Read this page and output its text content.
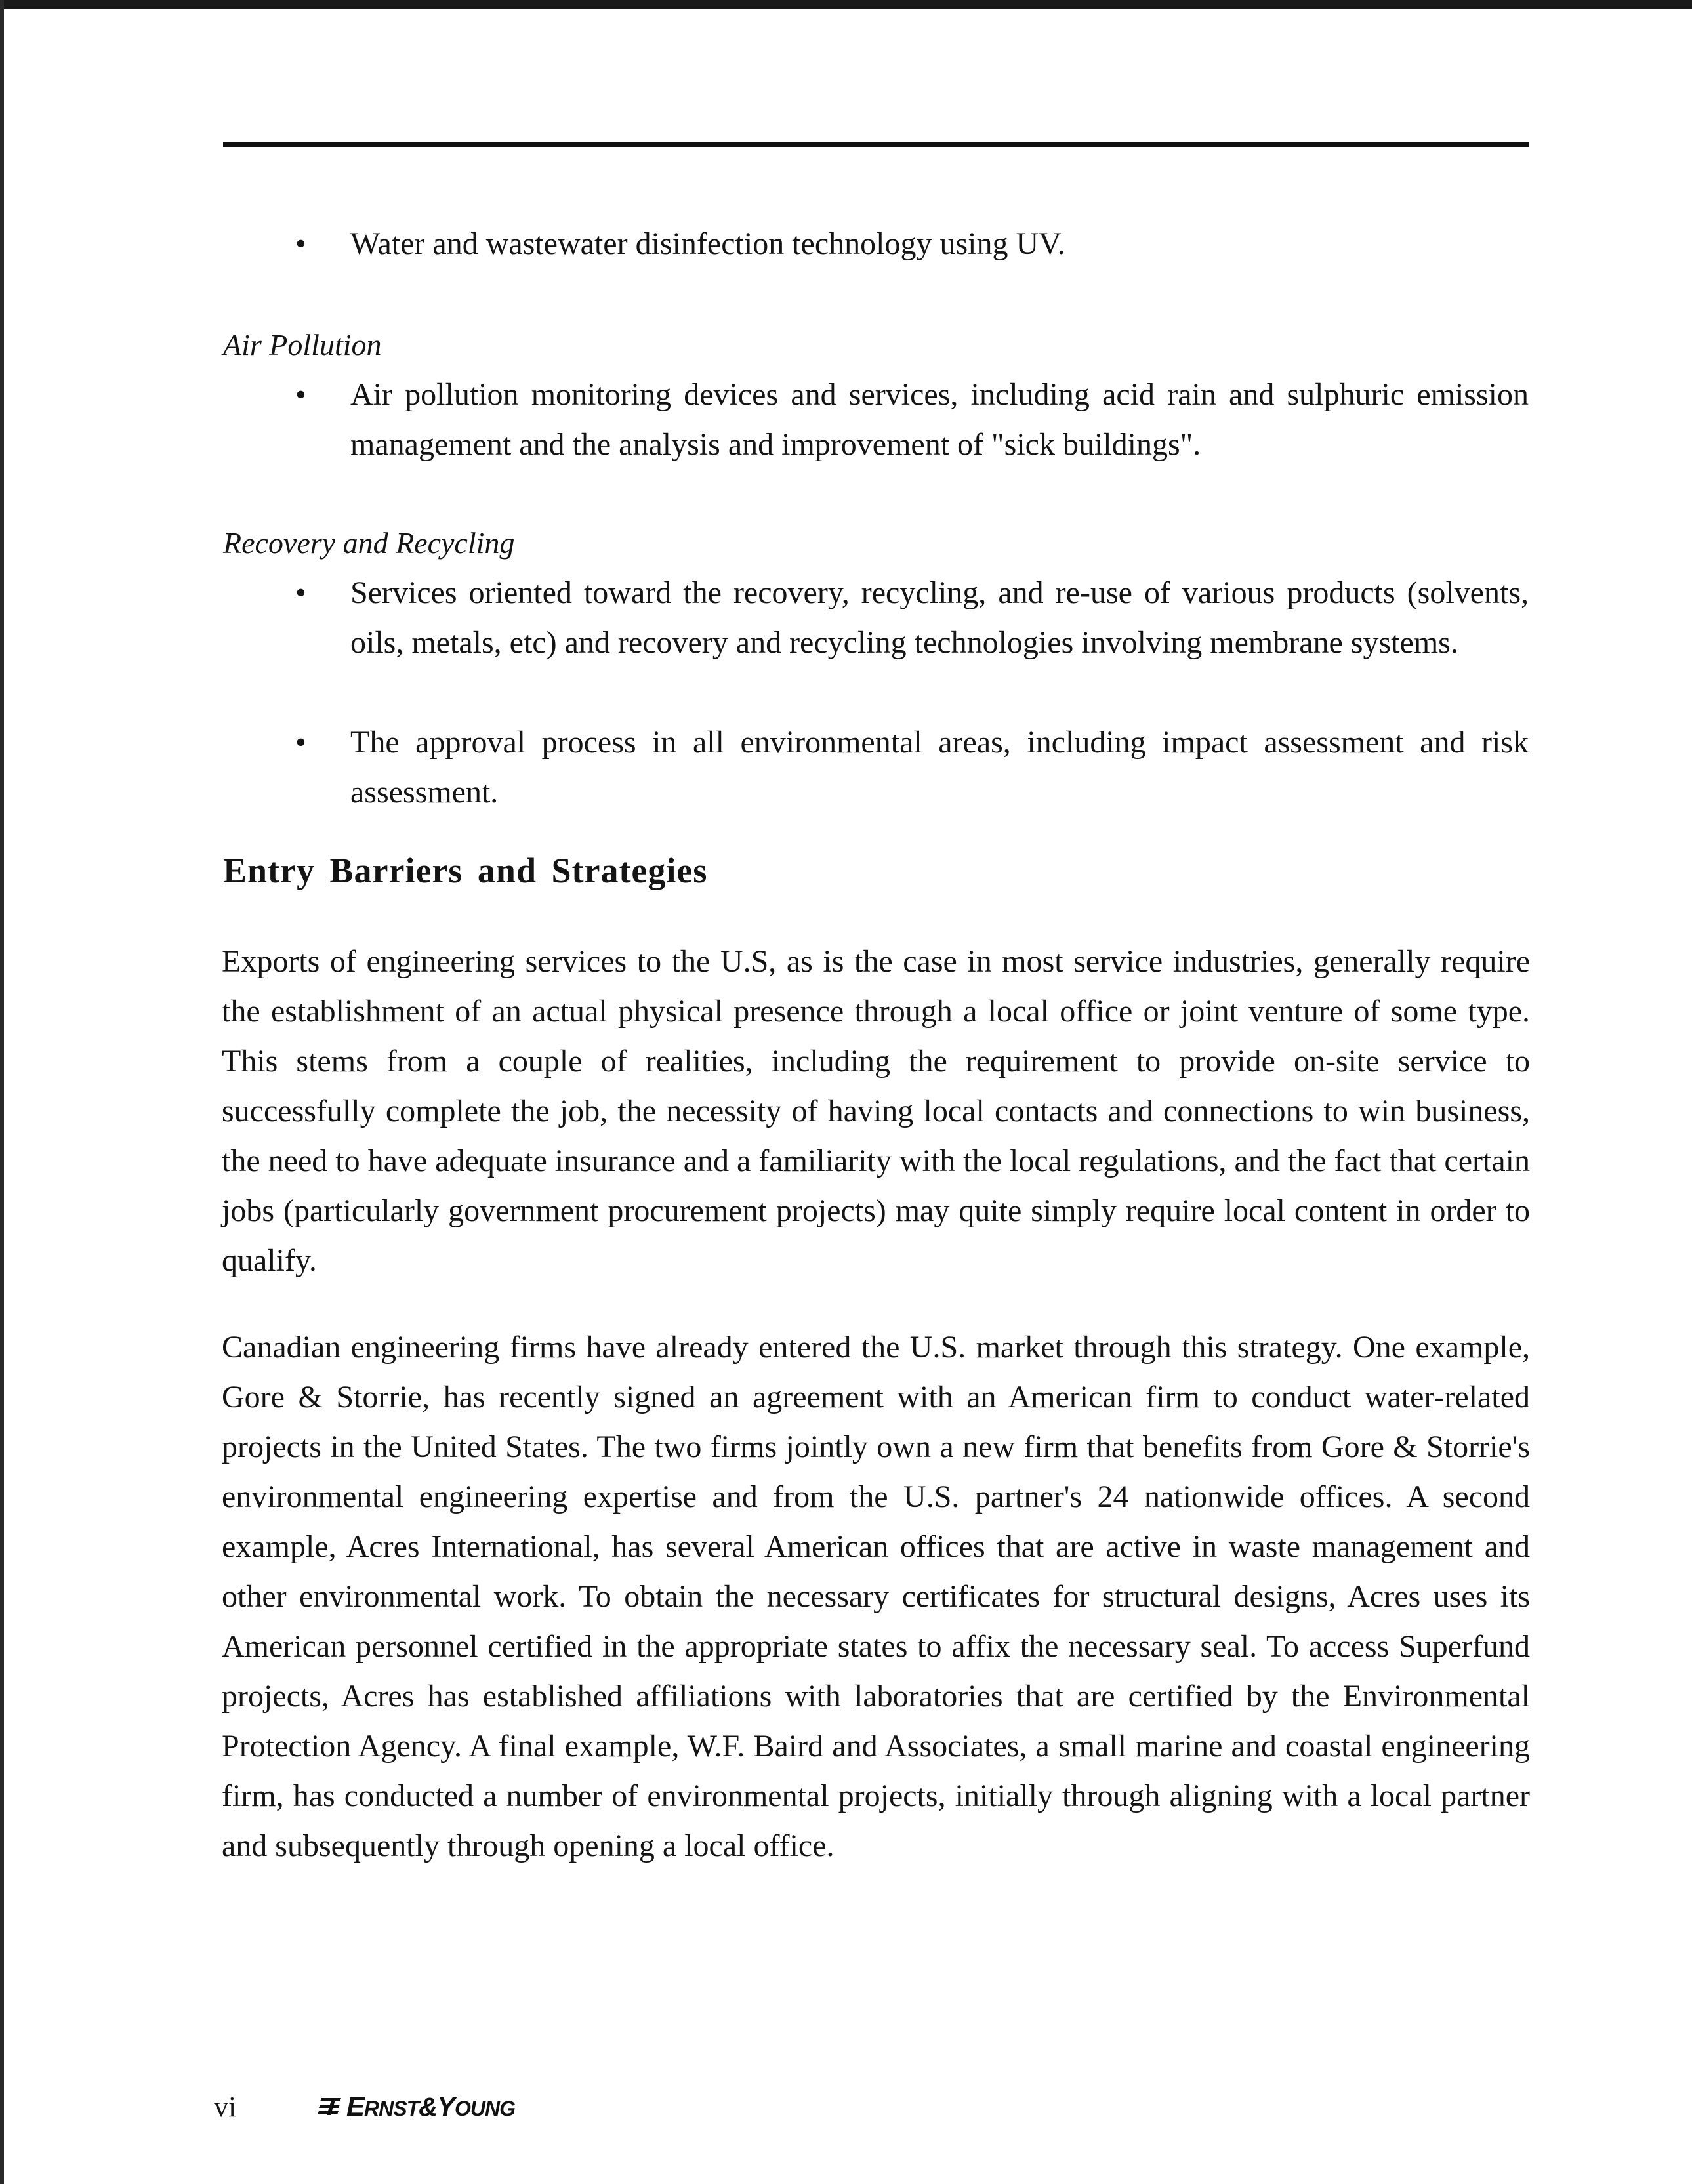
•	Water and wastewater disinfection technology using UV.
Air Pollution
•	Air pollution monitoring devices and services, including acid rain and sulphuric emission management and the analysis and improvement of "sick buildings".
Recovery and Recycling
•	Services oriented toward the recovery, recycling, and re-use of various products (solvents, oils, metals, etc) and recovery and recycling technologies involving membrane systems.
•	The approval process in all environmental areas, including impact assessment and risk assessment.
Entry Barriers and Strategies
Exports of engineering services to the U.S, as is the case in most service industries, generally require the establishment of an actual physical presence through a local office or joint venture of some type. This stems from a couple of realities, including the requirement to provide on-site service to successfully complete the job, the necessity of having local contacts and connections to win business, the need to have adequate insurance and a familiarity with the local regulations, and the fact that certain jobs (particularly government procurement projects) may quite simply require local content in order to qualify.
Canadian engineering firms have already entered the U.S. market through this strategy. One example, Gore & Storrie, has recently signed an agreement with an American firm to conduct water-related projects in the United States. The two firms jointly own a new firm that benefits from Gore & Storrie's environmental engineering expertise and from the U.S. partner's 24 nationwide offices. A second example, Acres International, has several American offices that are active in waste management and other environmental work. To obtain the necessary certificates for structural designs, Acres uses its American personnel certified in the appropriate states to affix the necessary seal. To access Superfund projects, Acres has established affiliations with laboratories that are certified by the Environmental Protection Agency. A final example, W.F. Baird and Associates, a small marine and coastal engineering firm, has conducted a number of environmental projects, initially through aligning with a local partner and subsequently through opening a local office.
vi	ERNST&YOUNG
